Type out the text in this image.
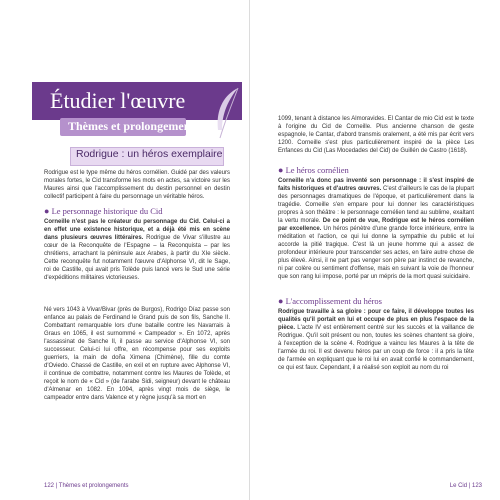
Étudier l'œuvre
Thèmes et prolongements
Rodrigue : un héros exemplaire

Rodrigue est le type même du héros cornélien. Guidé par des valeurs morales fortes, le Cid transforme les mots en actes, sa victoire sur les Maures ainsi que l'accomplissement du destin personnel en destin collectif participent à faire du personnage un véritable héros.

● Le personnage historique du Cid

Corneille n'est pas le créateur du personnage du Cid. Celui-ci a en effet une existence historique, et a déjà été mis en scène dans plusieurs œuvres littéraires. Rodrigue de Vivar s'illustre au cœur de la Reconquête de l'Espagne – la Reconquista – par les chrétiens, arrachant la péninsule aux Arabes, à partir du XIe siècle. Cette reconquête fut notamment l'œuvre d'Alphonse VI, dit le Sage, roi de Castille, qui avait pris Tolède puis lancé vers le Sud une série d'expéditions militaires victorieuses.

Né vers 1043 à Vivar/Bivar (près de Burgos), Rodrigo Díaz passe son enfance au palais de Ferdinand le Grand puis de son fils, Sanche II. Combattant remarquable lors d'une bataille contre les Navarrais à Graus en 1065, il est surnommé « Campeador ». En 1072, après l'assassinat de Sanche II, il passe au service d'Alphonse VI, son successeur. Celui-ci lui offre, en récompense pour ses exploits guerriers, la main de doña Ximena (Chimène), fille du comte d'Oviedo. Chassé de Castille, en exil et en rupture avec Alphonse VI, il continue de combattre, notamment contre les Maures de Tolède, et reçoit le nom de « Cid » (de l'arabe Sidi, seigneur) devant le château d'Almenar en 1082. En 1094, après vingt mois de siège, le campeador entre dans Valence et y règne jusqu'à sa mort en

122 | Thèmes et prolongements

1099, tenant à distance les Almoravides. El Cantar de mio Cid est le texte à l'origine du Cid de Corneille. Plus ancienne chanson de geste espagnole, le Cantar, d'abord transmis oralement, a été mis par écrit vers 1200. Corneille s'est plus particulièrement inspiré de la pièce Les Enfances du Cid (Las Mocedades del Cid) de Guillén de Castro (1618).

● Le héros cornélien

Corneille n'a donc pas inventé son personnage : il s'est inspiré de faits historiques et d'autres œuvres. C'est d'ailleurs le cas de la plupart des personnages dramatiques de l'époque, et particulièrement dans la tragédie. Corneille s'en empare pour lui donner les caractéristiques propres à son théâtre : le personnage cornélien tend au sublime, exaltant la vertu morale. De ce point de vue, Rodrigue est le héros cornélien par excellence. Un héros pénètre d'une grande force intérieure, entre la méditation et l'action, ce qui lui donne la sympathie du public et lui accorde la pitié tragique. C'est là un jeune homme qui a assez de profondeur intérieure pour transcender ses actes, en faire autre chose de plus élevé. Ainsi, il ne part pas venger son père par instinct de revanche, ni par colère ou sentiment d'offense, mais en suivant la voie de l'honneur que son rang lui impose, porté par un mépris de la mort quasi suicidaire.

● L'accomplissement du héros

Rodrigue travaille à sa gloire : pour ce faire, il développe toutes les qualités qu'il portait en lui et occupe de plus en plus l'espace de la pièce. L'acte IV est entièrement centré sur les succès et la vaillance de Rodrigue. Qu'il soit présent ou non, toutes les scènes chantent sa gloire, à l'exception de la scène 4. Rodrigue a vaincu les Maures à la tête de l'armée du roi. Il est devenu héros par un coup de force : il a pris la tête de l'armée en expliquant que le roi lui en avait confié le commandement, ce qui est faux. Cependant, il a réalisé son exploit au nom du roi

Le Cid | 123
